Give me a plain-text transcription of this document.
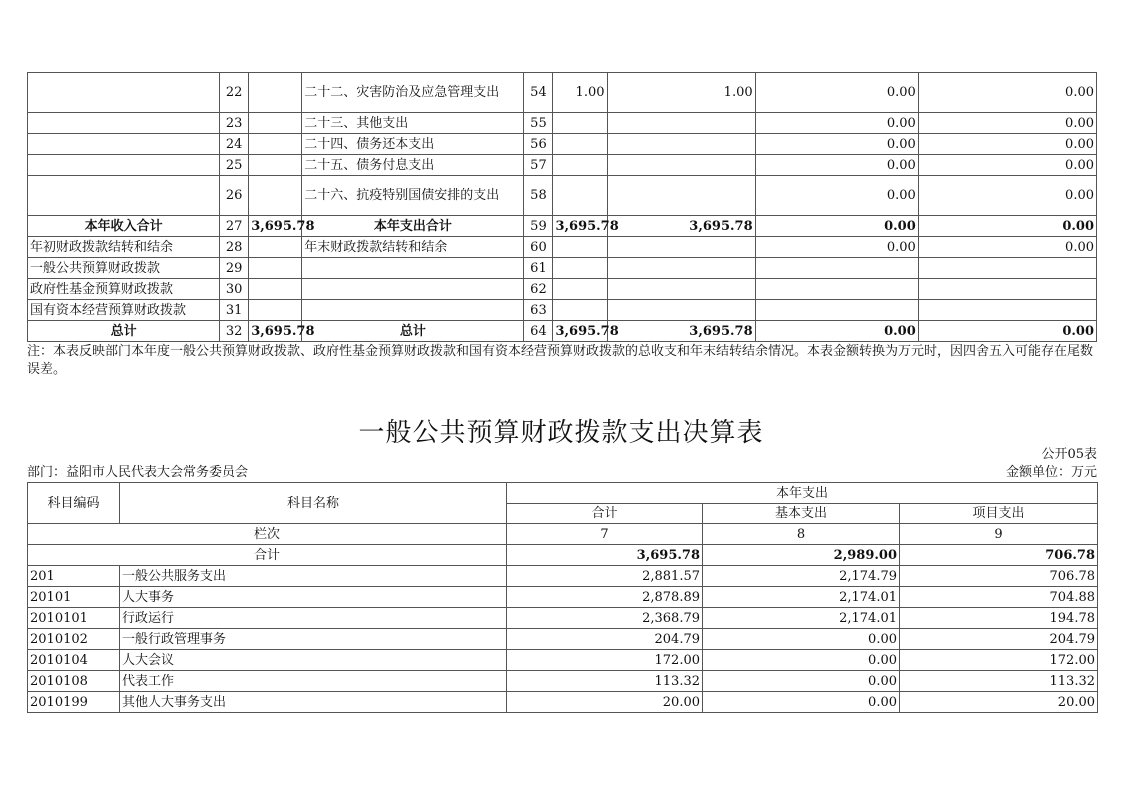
	22		二十二、灾害防治及应急管理支出	54	1.00	1.00	0.00	0.00
	23		二十三、其他支出	55			0.00	0.00
	24		二十四、债务还本支出	56			0.00	0.00
	25		二十五、债务付息支出	57			0.00	0.00
	26		二十六、抗疫特别国债安排的支出	58			0.00	0.00
本年收入合计	27	3,695.78	本年支出合计	59	3,695.78	3,695.78	0.00	0.00
年初财政拨款结转和结余	28		年末财政拨款结转和结余	60			0.00	0.00
一般公共预算财政拨款	29			61				
政府性基金预算财政拨款	30			62				
国有资本经营预算财政拨款	31			63				
总计	32	3,695.78	总计	64	3,695.78	3,695.78	0.00	0.00
注：本表反映部门本年度一般公共预算财政拨款、政府性基金预算财政拨款和国有资本经营预算财政拨款的总收支和年末结转结余情况。本表金额转换为万元时，因四舍五入可能存在尾数误差。
一般公共预算财政拨款支出决算表
公开05表
部门：益阳市人民代表大会常务委员会	金额单位：万元
科目编码	科目名称	本年支出		
		合计	基本支出	项目支出
栏次		7	8	9
合计		3,695.78	2,989.00	706.78
201	一般公共服务支出	2,881.57	2,174.79	706.78
20101	人大事务	2,878.89	2,174.01	704.88
2010101	行政运行	2,368.79	2,174.01	194.78
2010102	一般行政管理事务	204.79	0.00	204.79
2010104	人大会议	172.00	0.00	172.00
2010108	代表工作	113.32	0.00	113.32
2010199	其他人大事务支出	20.00	0.00	20.00
